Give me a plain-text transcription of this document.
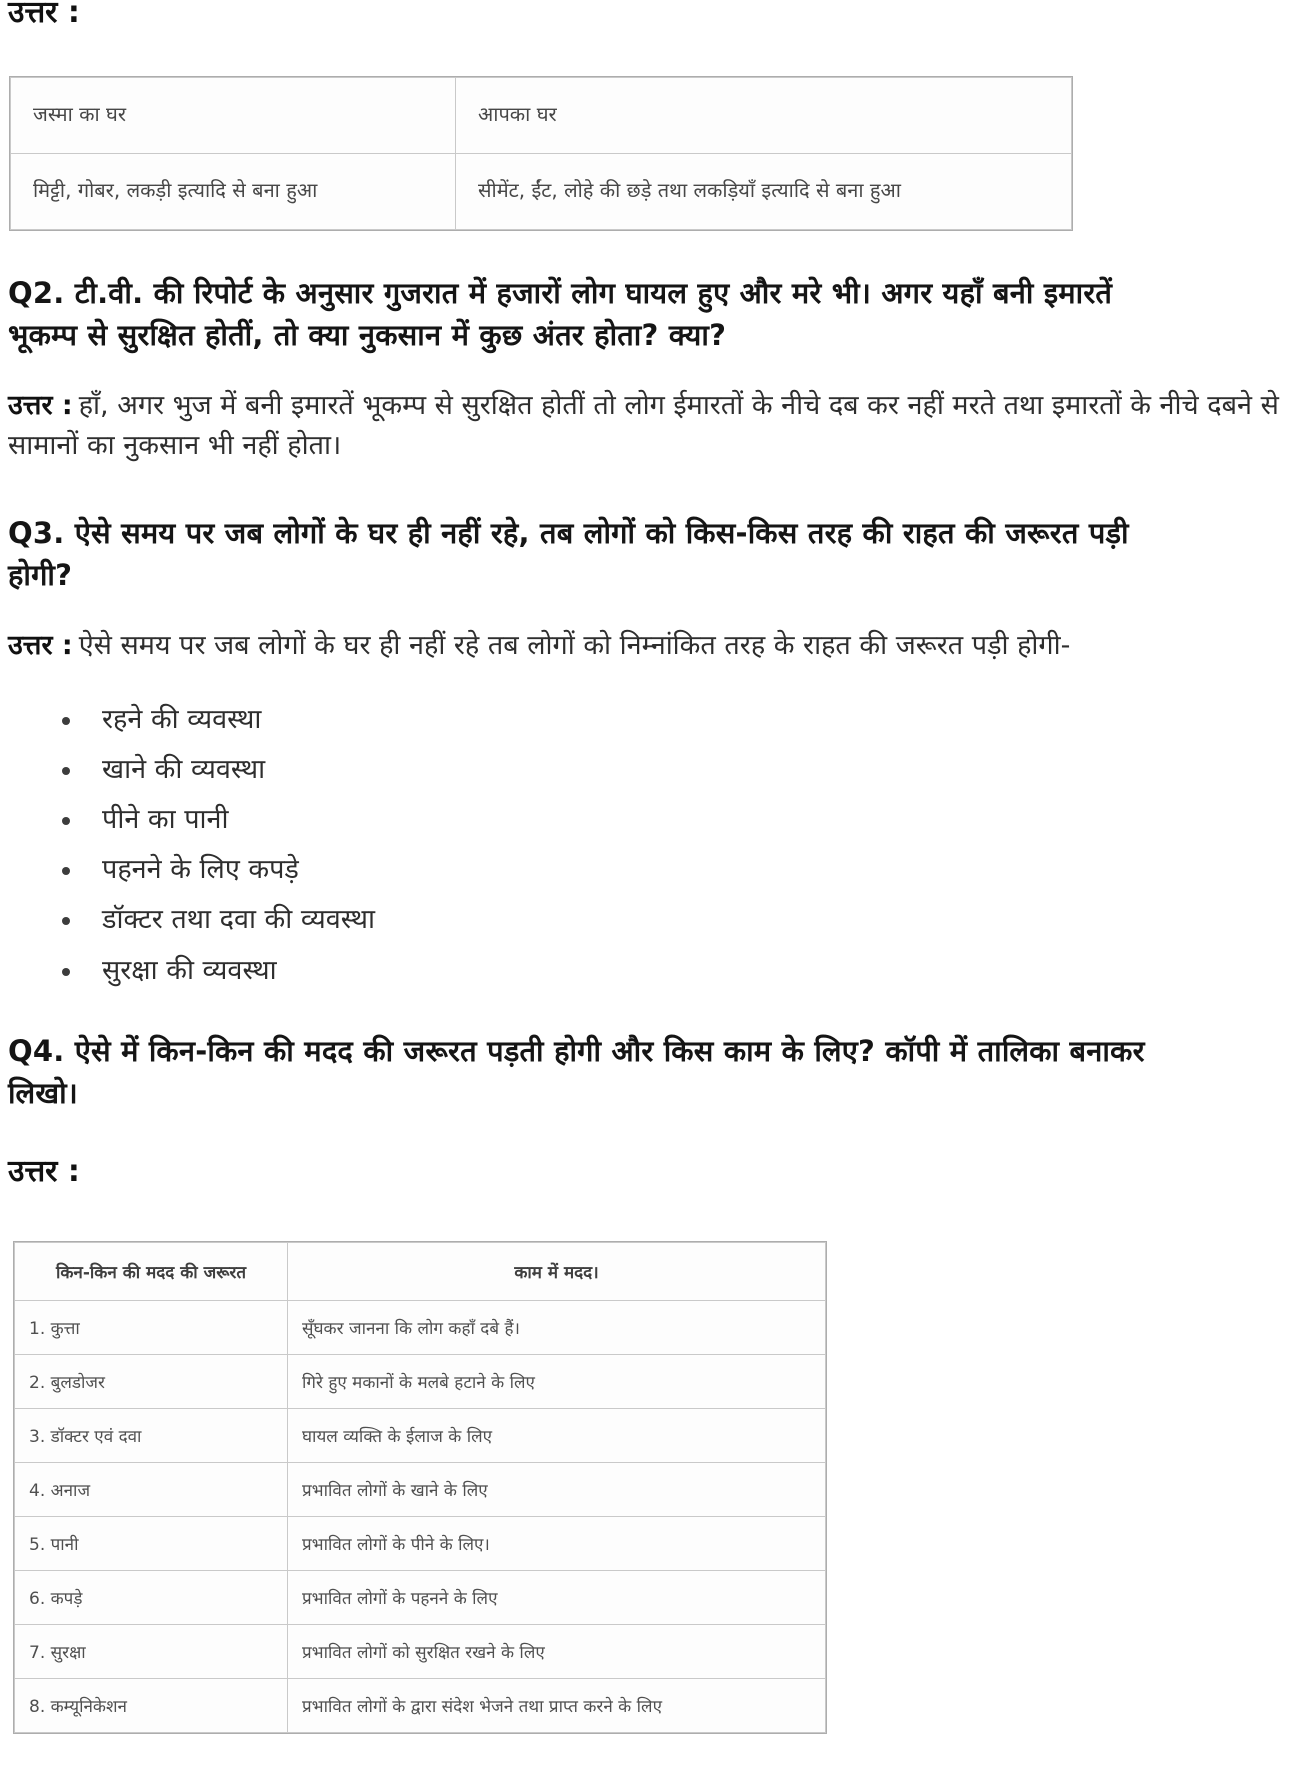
उत्तर :

जस्मा का घर	आपका घर
मिट्टी, गोबर, लकड़ी इत्यादि से बना हुआ	सीमेंट, ईंट, लोहे की छड़े तथा लकड़ियाँ इत्यादि से बना हुआ

Q2. टी.वी. की रिपोर्ट के अनुसार गुजरात में हजारों लोग घायल हुए और मरे भी। अगर यहाँ बनी इमारतें भूकम्प से सुरक्षित होतीं, तो क्या नुकसान में कुछ अंतर होता? क्या?

उत्तर : हाँ, अगर भुज में बनी इमारतें भूकम्प से सुरक्षित होतीं तो लोग ईमारतों के नीचे दब कर नहीं मरते तथा इमारतों के नीचे दबने से सामानों का नुकसान भी नहीं होता।

Q3. ऐसे समय पर जब लोगों के घर ही नहीं रहे, तब लोगों को किस-किस तरह की राहत की जरूरत पड़ी होगी?

उत्तर : ऐसे समय पर जब लोगों के घर ही नहीं रहे तब लोगों को निम्नांकित तरह के राहत की जरूरत पड़ी होगी-

रहने की व्यवस्था
खाने की व्यवस्था
पीने का पानी
पहनने के लिए कपड़े
डॉक्टर तथा दवा की व्यवस्था
सुरक्षा की व्यवस्था

Q4. ऐसे में किन-किन की मदद की जरूरत पड़ती होगी और किस काम के लिए? कॉपी में तालिका बनाकर लिखो।

उत्तर :

किन-किन की मदद की जरूरत	काम में मदद।
1. कुत्ता	सूँघकर जानना कि लोग कहाँ दबे हैं।
2. बुलडोजर	गिरे हुए मकानों के मलबे हटाने के लिए
3. डॉक्टर एवं दवा	घायल व्यक्ति के ईलाज के लिए
4. अनाज	प्रभावित लोगों के खाने के लिए
5. पानी	प्रभावित लोगों के पीने के लिए।
6. कपड़े	प्रभावित लोगों के पहनने के लिए
7. सुरक्षा	प्रभावित लोगों को सुरक्षित रखने के लिए
8. कम्यूनिकेशन	प्रभावित लोगों के द्वारा संदेश भेजने तथा प्राप्त करने के लिए
